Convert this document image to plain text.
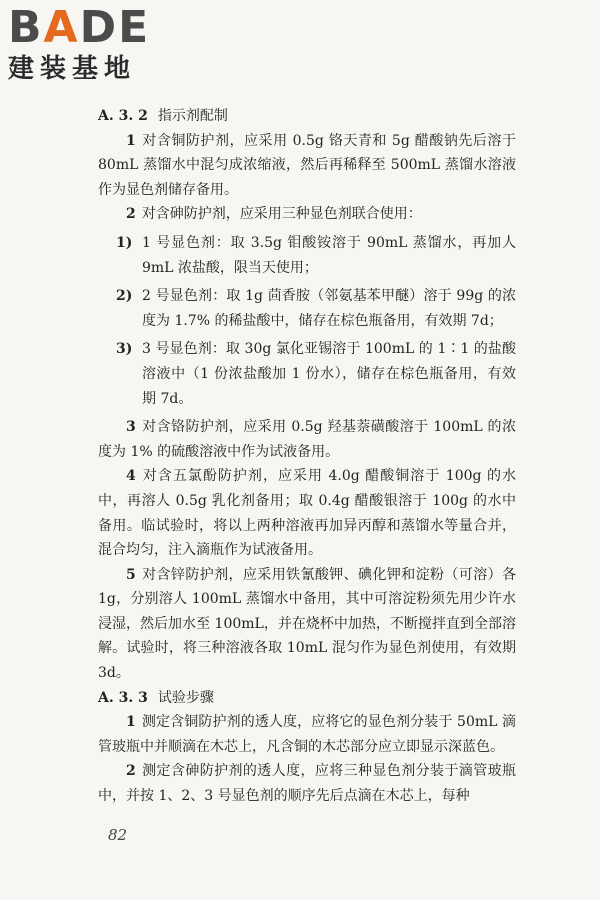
B A D E
建装基地

A. 3. 2 指示剂配制

1 对含铜防护剂，应采用 0.5g 铬天青和 5g 醋酸钠先后溶于 80mL 蒸馏水中混匀成浓缩液，然后再稀释至 500mL 蒸馏水溶液作为显色剂储存备用。

2 对含砷防护剂，应采用三种显色剂联合使用：

1) 1 号显色剂：取 3.5g 钼酸铵溶于 90mL 蒸馏水，再加人 9mL 浓盐酸，限当天使用；
2) 2 号显色剂：取 1g 茴香胺（邻氨基苯甲醚）溶于 99g 的浓度为 1.7% 的稀盐酸中，储存在棕色瓶备用，有效期 7d；
3) 3 号显色剂：取 30g 氯化亚锡溶于 100mL 的 1∶1 的盐酸溶液中（1 份浓盐酸加 1 份水），储存在棕色瓶备用，有效期 7d。

3 对含铬防护剂，应采用 0.5g 羟基萘磺酸溶于 100mL 的浓度为 1% 的硫酸溶液中作为试液备用。

4 对含五氯酚防护剂，应采用 4.0g 醋酸铜溶于 100g 的水中，再溶人 0.5g 乳化剂备用；取 0.4g 醋酸银溶于 100g 的水中备用。临试验时，将以上两种溶液再加异丙醇和蒸馏水等量合并，混合均匀，注入滴瓶作为试液备用。

5 对含锌防护剂，应采用铁氰酸钾、碘化钾和淀粉（可溶）各 1g，分别溶人 100mL 蒸馏水中备用，其中可溶淀粉须先用少许水浸湿，然后加水至 100mL，并在烧杯中加热，不断搅拌直到全部溶解。试验时，将三种溶液各取 10mL 混匀作为显色剂使用，有效期 3d。

A. 3. 3 试验步骤

1 测定含铜防护剂的透人度，应将它的显色剂分装于 50mL 滴管玻瓶中并顺滴在木芯上，凡含铜的木芯部分应立即显示深蓝色。

2 测定含砷防护剂的透人度，应将三种显色剂分装于滴管玻瓶中，并按 1、2、3 号显色剂的顺序先后点滴在木芯上，每种

82
